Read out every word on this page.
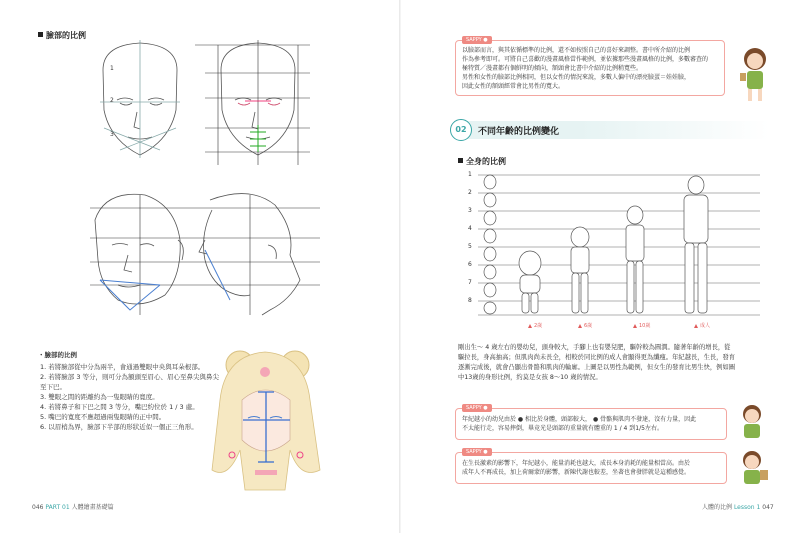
臉部的比例
1
2
3
・臉部的比例
1. 若將臉部從中分為兩半，會通過雙眼中央與耳朵根部。
2. 若將臉部 3 等分，則可分為額頭至眉心、眉心至鼻尖與鼻尖至下巴。
3. 雙眼之間的距離約為一隻眼睛的寬度。
4. 若將鼻子和下巴之間 3 等分，嘴巴約位於 1 / 3 處。
5. 嘴巴的寬度不應超過兩隻眼睛的正中間。
6. 以眉梢為界，臉部下半部的形狀近似一個正三角形。
046 PART 01 人體繪畫基礎篇
SAPPY ●
以臉部而言，與其依循標準的比例，還不如按照自己的喜好來調整。書中所介紹的比例
作為參考即可。可將自己喜歡的漫畫風格當作範例，並依據那些漫畫風格的比例，多數審查的
極特質／漫畫都有個鮮明的傾向，額頭會比書中介紹的比例稍寬些。
男性和女性的臉部比例相同，但以女性的情況來說，多數人偏中的漂亮臉蛋＝娃娃臉，
因此女性的額頭經常會比男性的寬大。
02	不同年齡的比例變化
全身的比例
1
2
3
4
5
6
7
8
2歲	6歲	10歲	成人
剛出生～ 4 歲左右的嬰幼兒，頭身較大，手腳上也有嬰兒肥，驅幹較為圓潤。隨著年齡的增長，從
驅拉長，身高抽高；但肌肉尚未長全，相較於同比例的成人會顯得更為纖瘦。年紀越長，生長，發育
逐漸完成後，就會凸顯出骨骼和肌肉的輪廓。上圖是以男性為範例，但女生的發育比男生快，例如圖
中13歲的身形比例，約莫是女孩 8～10 歲的情況。
SAPPY ●
年紀越小的幼兒由於 ● 相比於身體，頭部較大， ● 骨骼與肌肉不發達，沒有力量，因此
不太能行走，容易摔倒，畢竟光是頭部的重量就有體重的 1 / 4 到1/5左右。
SAPPY ●
在生長激素的影響下，年紀越小，能量消耗也越大，成長本身消耗的能量相當高。由於
成年人不再成長，加上荷爾蒙的影響，新陳代謝也較差，坐著也會發胖就是這種感覺。
人體的比例 Lesson 1 047
